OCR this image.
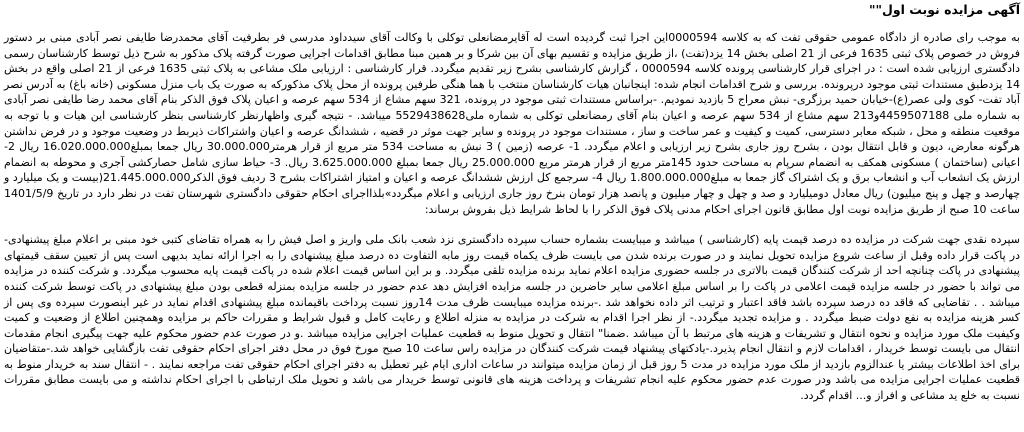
آگهی مزایده نوبت اول""

به موجب رای صادره از دادگاه عمومی حقوقی تفت که به کلاسه 0000594این اجرا ثبت گردیده است له آقایرمضانعلی توکلی با وکالت آقای سیدداود مدرسی فر بطرفیت آقای محمدرضا طایفی نصر آبادی مبنی بر دستور فروش در خصوص پلاک ثبتی 1635 فرعی از 21 اصلی بخش 14 یزد(تفت) ،از طریق مزایده و تقسیم بهای آن بین شرکا و بر همین مبنا مطابق اقدامات اجرایی صورت گرفته پلاک مذکور به شرح ذیل توسط کارشناسان رسمی دادگستری ارزیابی شده است : در اجرای قرار کارشناسی پرونده کلاسه 0000594 ، گزارش کارشناسی بشرح زیر تقدیم میگردد. قرار کارشناسی : ارزیابی ملک مشاعی به پلاک ثبتی 1635 فرعی از 21 اصلی واقع در بخش 14 یزدطبق مستندات ثبتی موجود درپرونده. بررسی و شرح اقدامات انجام شده: اینجانبان هیات کارشناسان منتخب با هما هنگی طرفین پرونده از محل پلاک مذکورکه به صورت یک باب منزل مسکونی (خانه باغ) به آدرس نصر آباد تفت- کوی ولی عصر(ع)-خیابان حمید برزگری- نبش معراج 5 بازدید نمودیم. -براساس مستندات ثبتی موجود در پرونده، 321 سهم مشاع از 534 سهم عرصه و اعیان پلاک فوق الذکر بنام آقای محمد رضا طایفی نصر آبادی به شماره ملی 4459507188و213 سهم مشاع از 534 سهم عرصه و اعیان بنام آقای رمضانعلی توکلی به شماره ملی5529438628 میباشد. - نتیجه گیری واظهارنظر کارشناسی بنظر کارشناسی این هیات و با توجه به موقعیت منطقه و محل ، شبکه معابر دسترسی، کمیت و کیفیت و عمر ساخت و ساز ، مستندات موجود در پرونده و سایر جهت موثر در قضیه ، ششدانگ عرصه و اعیان واشتراکات ذیربط در وضعیت موجود و در فرض نداشتن هرگونه معارض، دیون و قابل انتقال بودن ، بشرح روز جاری بشرح زیر ارزیابی و اعلام میگردد. 1- عرصه (زمین ) 3 نبش به مساحت 534 متر مربع از قرار هرمتر30.000.000 ریال جمعا بمبلغ16.020.000.000 ریال 2- اعیانی (ساختمان ) مسکونی همکف به انضمام سرپام به مساحت حدود 145متر مربع از قرار هرمتر مربع 25.000.000 ریال جمعا بمبلغ 3.625.000.000 ریال. 3- حیاط سازی شامل حصارکشی آجری و محوطه به انضمام ارزش یک انشعاب آب و انشعاب برق و یک اشتراک گاز جمعا به مبلغ1.800.000.000 ریال 4- سرجمع کل ارزش ششدانگ عرصه و اعیان و امتیاز اشتراکات بشرح 3 ردیف فوق الذکر21.445.000.000(بیست و یک میلیارد و چهارصد و چهل و پنج میلیون) ریال معادل دومیلیارد و صد و چهل و چهار میلیون و پانصد هزار تومان بنرخ روز جاری ارزیابی و اعلام میگردد»بلذااجرای احکام حقوقی دادگستری شهرستان تفت در نظر دارد در تاریخ 1401/5/9 ساعت 10 صبح از طریق مزایده نوبت اول مطابق قانون اجرای احکام مدنی پلاک فوق الذکر را با لحاظ شرایط ذیل بفروش برساند:

سپرده نقدی جهت شرکت در مزایده ده درصد قیمت پایه (کارشناسی ) میباشد و میبایست بشماره حساب سپرده دادگستری نزد شعب بانک ملی واریز و اصل فیش را به همراه تقاضای کتبی خود مبنی بر اعلام مبلغ پیشنهادی- در پاکت قرار داده وقبل از ساعت شروع مزایده تحویل نمایند و در صورت برنده شدن می بایست ظرف یکماه قیمت روز مابه التفاوت ده درصد مبلغ پیشنهادی را به اجرا ارائه نماید بدیهی است پس از تعیین سقف قیمتهای پیشنهادی در پاکت چنانچه احد از شرکت کنندگان قیمت بالاتری در جلسه حضوری مزایده اعلام نماید برنده مزایده تلقی میگردد. و بر این اساس قیمت اعلام شده در پاکت قیمت پایه محسوب میگردد. و شرکت کننده در مزایده می تواند با حضور در جلسه مزایده قیمت اعلامی در پاکت را بر اساس مبلغ اعلامی سایر حاضرین در جلسه مزایده افزایش دهد عدم حضور در جلسه مزایده بمنزله قطعی بودن مبلغ پیشنهادی در پاکت توسط شرکت کننده میباشد . . تقاضایی که فاقد ده درصد سپرده باشد فاقد اعتبار و ترتیب اثر داده نخواهد شد .-برنده مزایده میبایست ظرف مدت 14روز نسبت پرداخت باقیمانده مبلغ پیشنهادی اقدام نماید در غیر اینصورت سپرده وی پس از کسر هزینه مزایده به نفع دولت ضبط میگردد . و مزایده تجدید میگردد.- از نظر اجرا اقدام به شرکت در مزایده به منزله اطلاع و رعایت کامل و قبول شرایط و مقررات حاکم بر مزایده وهمچنین اطلاع از وضعیت و کمیت وکیفیت ملک مورد مزایده و نحوه انتقال و تشریفات و هزینه های مرتبط با آن میباشد .ضمنا" انتقال و تحویل منوط به قطعیت عملیات اجرایی مزایده میباشد .و در صورت عدم حضور محکوم علیه جهت پیگیری انجام مقدمات انتقال می بایست توسط خریدار ، اقدامات لازم و انتقال انجام پذیرد.-یادکتهای پیشنهاد قیمت شرکت کنندگان در مزایده راس ساعت 10 صبح مورخ فوق در محل دفتر اجرای احکام حقوقی تفت بازگشایی خواهد شد.-متقاضیان برای اخذ اطلاعات بیشتر یا عندالزوم بازدید از ملک مورد مزایده در مدت 5 روز قبل از زمان مزایده میتوانند در ساعات اداری ایام غیر تعطیل به دفتر اجرای احکام حقوقی تفت مراجعه نمایند . - انتقال سند به خریدار منوط به قطعیت عملیات اجرایی مزایده می باشد ودر صورت عدم حضور محکوم علیه انجام تشریفات و پرداخت هزینه های قانونی توسط خریدار می باشد و تحویل ملک ارتباطی با اجرای احکام نداشته و می بایست مطابق مقررات نسبت به خلع ید مشاعی و افراز و... اقدام گردد.
